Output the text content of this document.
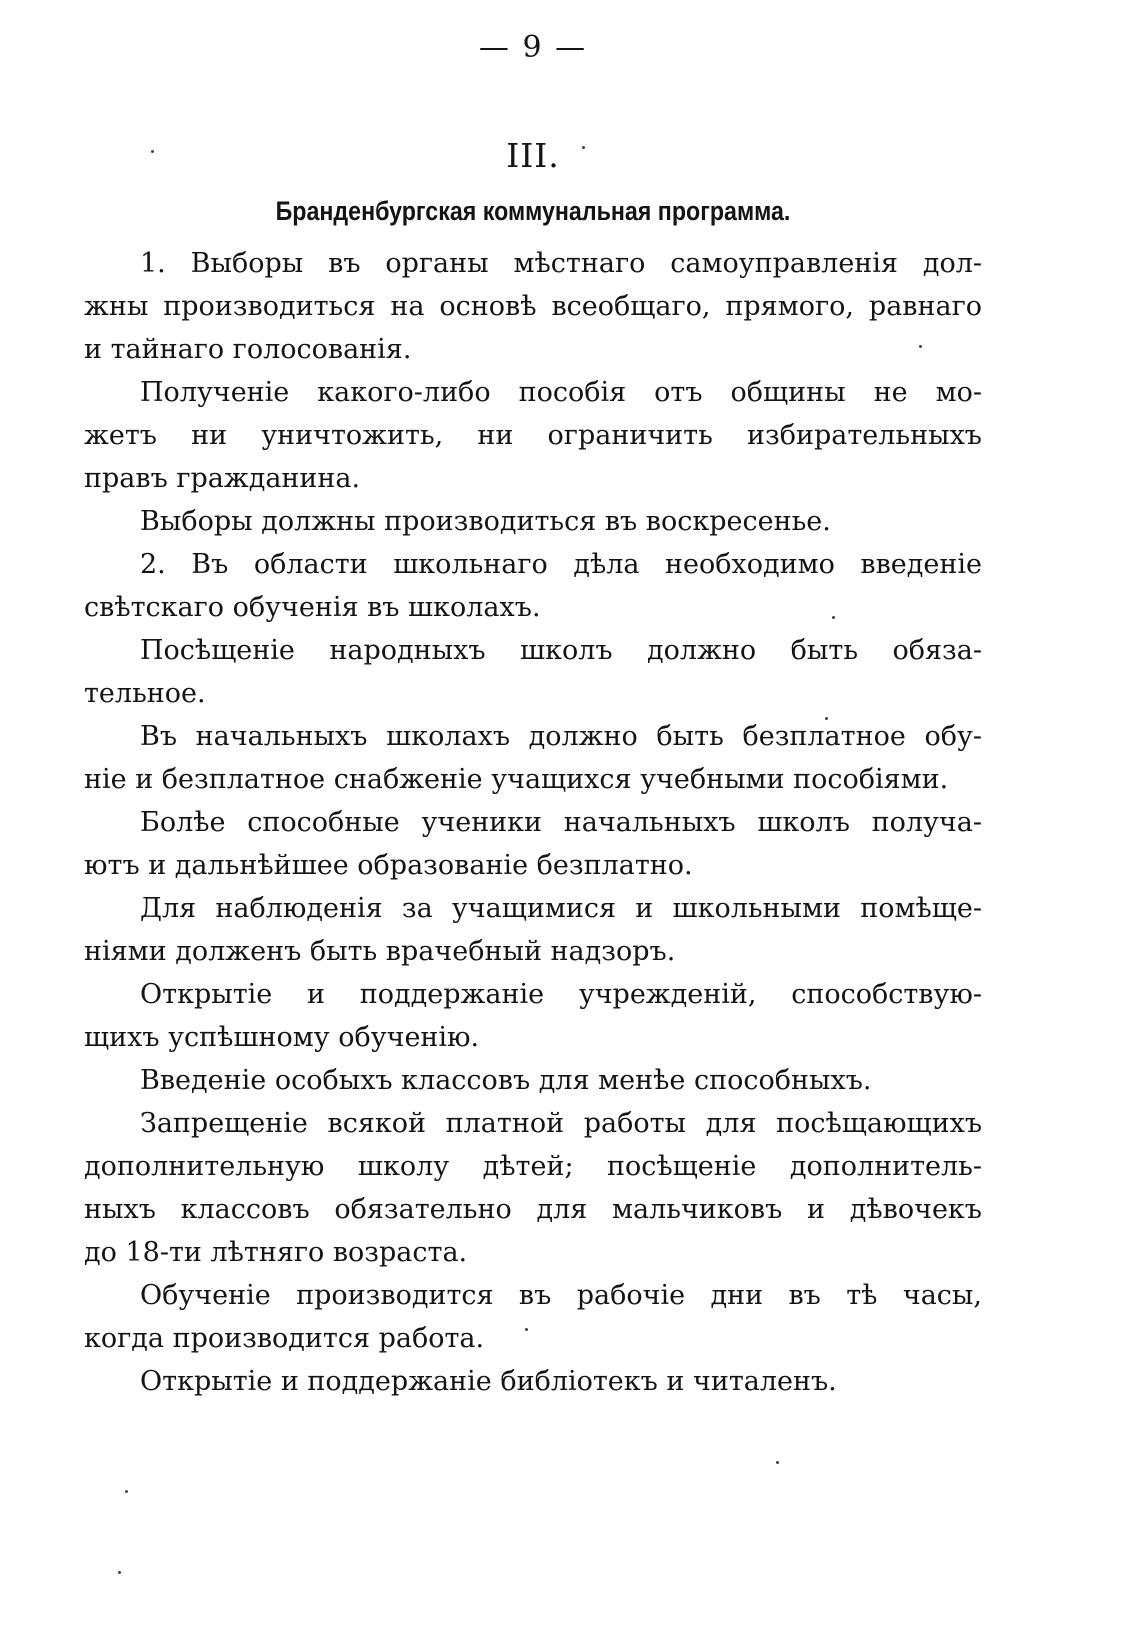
— 9 —
III.
Бранденбургская коммунальная программа.
1. Выборы въ органы мѣстнаго самоуправленія дол-
жны производиться на основѣ всеобщаго, прямого, равнаго
и тайнаго голосованія.
Полученіе какого-либо пособія отъ общины не мо-
жетъ ни уничтожить, ни ограничить избирательныхъ
правъ гражданина.
Выборы должны производиться въ воскресенье.
2. Въ области школьнаго дѣла необходимо введеніе
свѣтскаго обученія въ школахъ.
Посѣщеніе народныхъ школъ должно быть обяза-
тельное.
Въ начальныхъ школахъ должно быть безплатное обу-
ніе и безплатное снабженіе учащихся учебными пособіями.
Болѣе способные ученики начальныхъ школъ получа-
ютъ и дальнѣйшее образованіе безплатно.
Для наблюденія за учащимися и школьными помѣще-
ніями долженъ быть врачебный надзоръ.
Открытіе и поддержаніе учрежденій, способствую-
щихъ успѣшному обученію.
Введеніе особыхъ классовъ для менѣе способныхъ.
Запрещеніе всякой платной работы для посѣщающихъ
дополнительную школу дѣтей; посѣщеніе дополнитель-
ныхъ классовъ обязательно для мальчиковъ и дѣвочекъ
до 18-ти лѣтняго возраста.
Обученіе производится въ рабочіе дни въ тѣ часы,
когда производится работа.
Открытіе и поддержаніе библіотекъ и читаленъ.
